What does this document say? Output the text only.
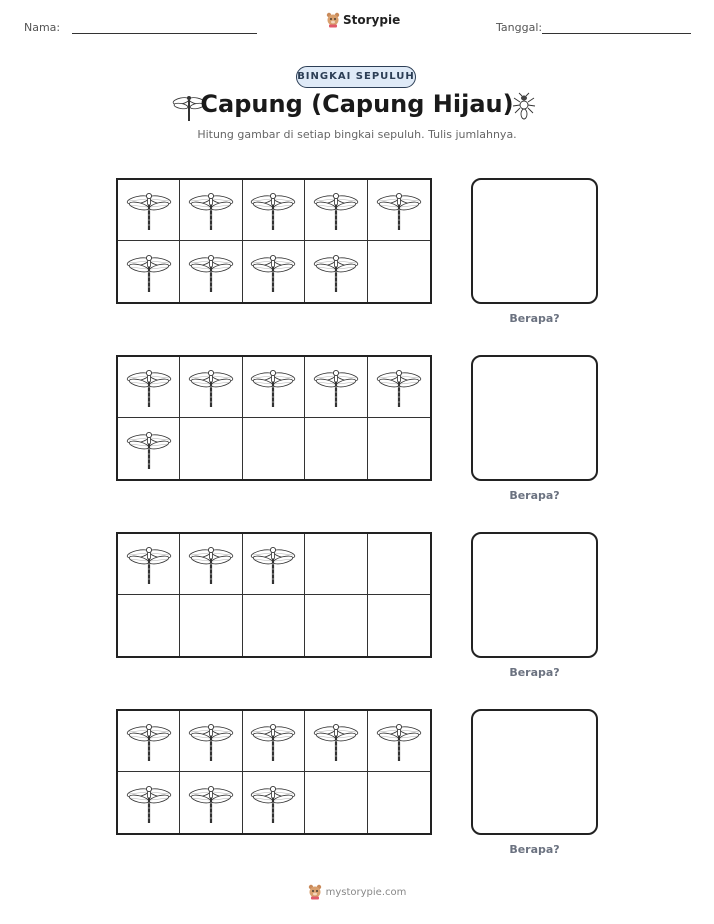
Nama:
Storypie
Tanggal:
BINGKAI SEPULUH
Capung (Capung Hijau)
Hitung gambar di setiap bingkai sepuluh. Tulis jumlahnya.
Berapa?
Berapa?
Berapa?
Berapa?
mystorypie.com
